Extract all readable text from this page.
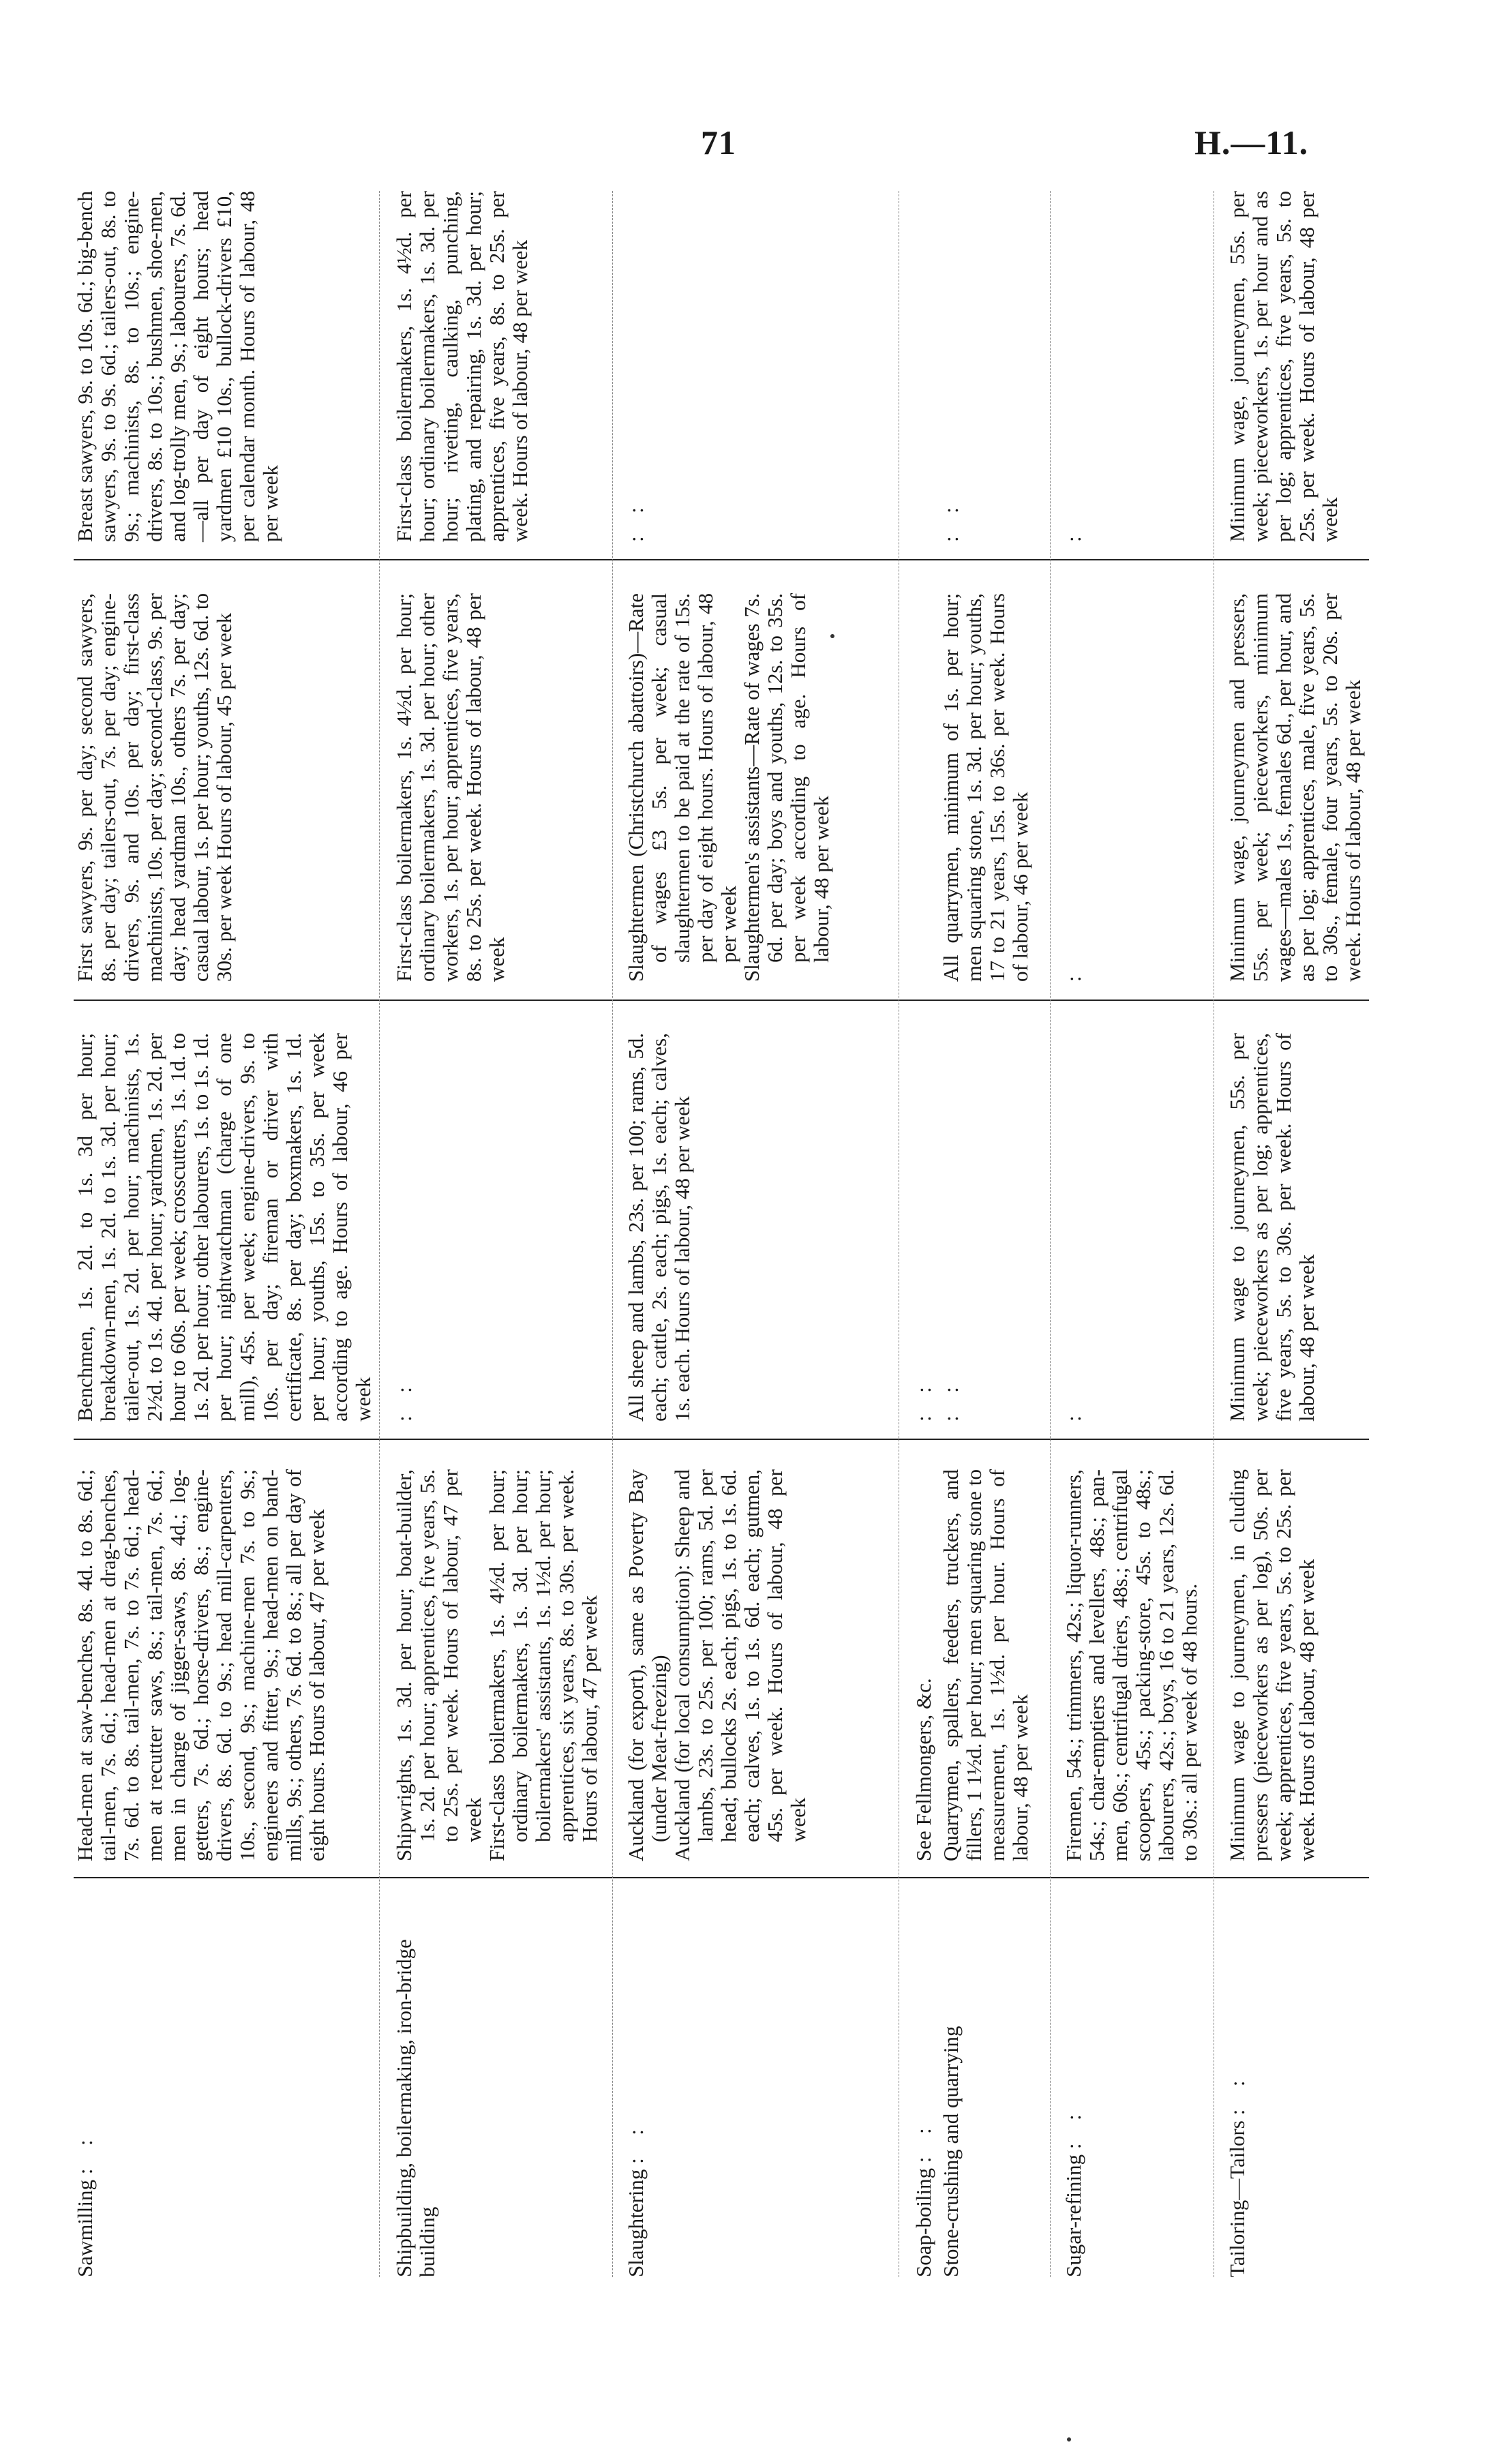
71	H.—11.
Sawmilling :  :
Head-men at saw-benches, 8s. 4d. to 8s. 6d.; tail-men, 7s. 6d.; head-men at drag-benches, 7s. 6d. to 8s. tail-men, 7s. to 7s. 6d.; head-men at recutter saws, 8s.; tail-men, 7s. 6d.; men in charge of jigger-saws, 8s. 4d.; log-getters, 7s. 6d.; horse-drivers, 8s.; engine-drivers, 8s. 6d. to 9s.; head mill-carpenters, 10s., second, 9s.; machine-men 7s. to 9s.; engineers and fitter, 9s.; head-men on band-mills, 9s.; others, 7s. 6d. to 8s.; all per day of eight hours. Hours of labour, 47 per week
Benchmen, 1s. 2d. to 1s. 3d per hour; breakdown-men, 1s. 2d. to 1s. 3d. per hour; tailer-out, 1s. 2d. per hour; machinists, 1s. 2½d. to 1s. 4d. per hour; yardmen, 1s. 2d. per hour to 60s. per week; crosscutters, 1s. 1d. to 1s. 2d. per hour; other labourers, 1s. to 1s. 1d. per hour; nightwatchman (charge of one mill), 45s. per week; engine-drivers, 9s. to 10s. per day; fireman or driver with certificate, 8s. per day; boxmakers, 1s. 1d. per hour; youths, 15s. to 35s. per week according to age. Hours of labour, 46 per week
First sawyers, 9s. per day; second sawyers, 8s. per day; tailers-out, 7s. per day; engine-drivers, 9s. and 10s. per day; first-class machinists, 10s. per day; second-class, 9s. per day; head yardman 10s., others 7s. per day; casual labour, 1s. per hour; youths, 12s. 6d. to 30s. per week Hours of labour, 45 per week
Breast sawyers, 9s. to 10s. 6d.; big-bench sawyers, 9s. to 9s. 6d.; tailers-out, 8s. to 9s.; machinists, 8s. to 10s.; engine-drivers, 8s. to 10s.; bushmen, shoe-men, and log-trolly men, 9s.; labourers, 7s. 6d.—all per day of eight hours; head yardmen £10 10s., bullock-drivers £10, per calendar month. Hours of labour, 48 per week
Shipbuilding, boilermaking, iron-bridge building

Shipwrights, 1s. 3d. per hour; boat-builder, 1s. 2d. per hour; apprentices, five years, 5s. to 25s. per week. Hours of labour, 47 per week First-class boilermakers, 1s. 4½d. per hour; ordinary boilermakers, 1s. 3d. per hour; boilermakers' assistants, 1s. 1½d. per hour; apprentices, six years, 8s. to 30s. per week. Hours of labour, 47 per week

:  :
First-class boilermakers, 1s. 4½d. per hour; ordinary boilermakers, 1s. 3d. per hour; other workers, 1s. per hour; apprentices, five years, 8s. to 25s. per week. Hours of labour, 48 per week
First-class boilermakers, 1s. 4½d. per hour; ordinary boilermakers, 1s. 3d. per hour; riveting, caulking, punching, plating, and repairing, 1s. 3d. per hour; apprentices, five years, 8s. to 25s. per week. Hours of labour, 48 per week
Slaughtering :  :

Auckland (for export), same as Poverty Bay (under Meat-freezing) Auckland (for local consumption): Sheep and lambs, 23s. to 25s. per 100; rams, 5d. per head; bullocks 2s. each; pigs, 1s. to 1s. 6d. each; calves, 1s. to 1s. 6d. each; gutmen, 45s. per week. Hours of labour, 48 per week

All sheep and lambs, 23s. per 100; rams, 5d. each; cattle, 2s. each; pigs, 1s. each; calves, 1s. each. Hours of labour, 48 per week

Slaughtermen (Christchurch abattoirs)—Rate of wages £3 5s. per week; casual slaughtermen to be paid at the rate of 15s. per day of eight hours. Hours of labour, 48 per week Slaughtermen's assistants—Rate of wages 7s. 6d. per day; boys and youths, 12s. to 35s. per week according to age. Hours of labour, 48 per week

:  :
Soap-boiling :  :
See Fellmongers, &c.
:  :
Stone-crushing and quarrying
Quarrymen, spallers, feeders, truckers, and fillers, 1 1½d. per hour; men squaring stone to measurement, 1s. 1½d. per hour. Hours of labour, 48 per week
:  :
All quarrymen, minimum of 1s. per hour; men squaring stone, 1s. 3d. per hour; youths, 17 to 21 years, 15s. to 36s. per week. Hours of labour, 46 per week
:  :
Sugar-refining :  :
Firemen, 54s.; trimmers, 42s.; liquor-runners, 54s.; char-emptiers and levellers, 48s.; pan-men, 60s.; centrifugal driers, 48s.; centrifugal scoopers, 45s.; packing-store, 45s. to 48s.; labourers, 42s.; boys, 16 to 21 years, 12s. 6d. to 30s.: all per week of 48 hours.
:
:
:
Tailoring—Tailors :  :
Minimum wage to journeymen, in cluding pressers (pieceworkers as per log), 50s. per week; apprentices, five years, 5s. to 25s. per week. Hours of labour, 48 per week
Minimum wage to journeymen, 55s. per week; pieceworkers as per log; apprentices, five years, 5s. to 30s. per week. Hours of labour, 48 per week
Minimum wage, journeymen and pressers, 55s. per week; pieceworkers, minimum wages—males 1s., females 6d., per hour, and as per log; apprentices, male, five years, 5s. to 30s., female, four years, 5s. to 20s. per week. Hours of labour, 48 per week
Minimum wage, journeymen, 55s. per week; pieceworkers, 1s. per hour and as per log; apprentices, five years, 5s. to 25s. per week. Hours of labour, 48 per week
